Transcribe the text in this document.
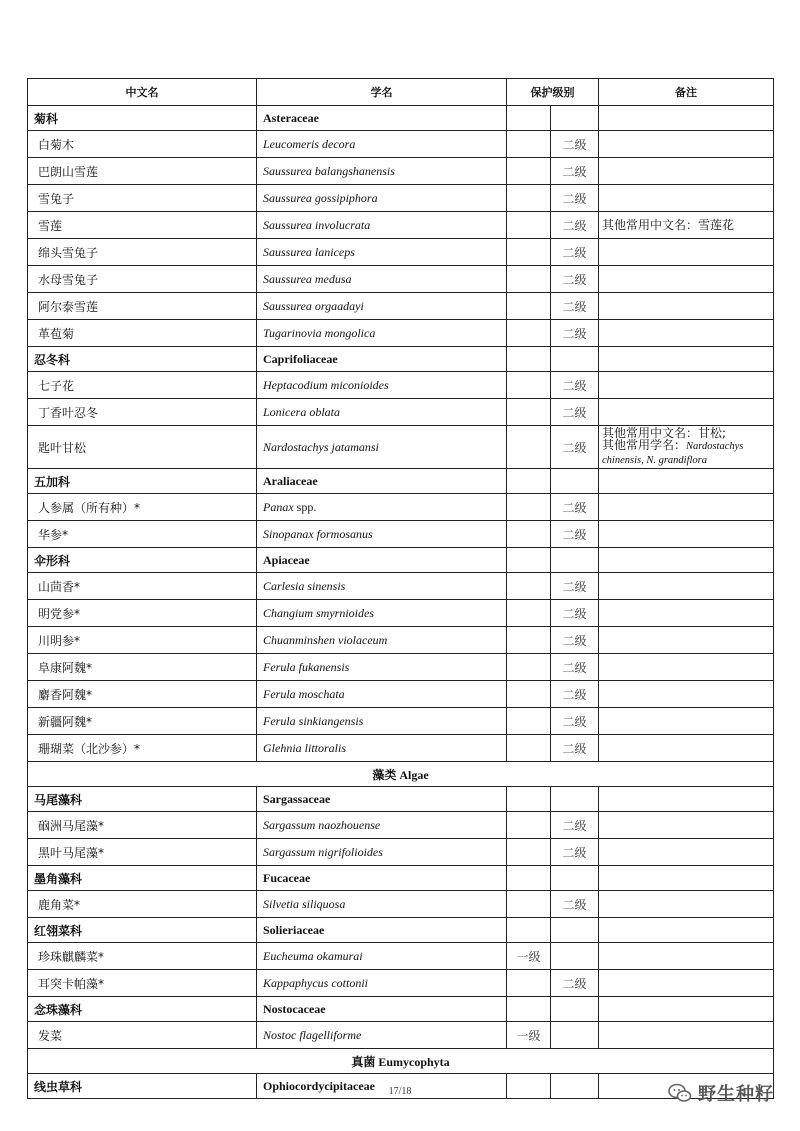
中文名	学名	保护级别		备注
菊科	Asteraceae			
白菊木	Leucomeris decora		二级	
巴朗山雪莲	Saussurea balangshanensis		二级	
雪兔子	Saussurea gossipiphora		二级	
雪莲	Saussurea involucrata		二级	其他常用中文名：雪莲花
绵头雪兔子	Saussurea laniceps		二级	
水母雪兔子	Saussurea medusa		二级	
阿尔泰雪莲	Saussurea orgaadayi		二级	
革苞菊	Tugarinovia mongolica		二级	
忍冬科	Caprifoliaceae			
七子花	Heptacodium miconioides		二级	
丁香叶忍冬	Lonicera oblata		二级	
匙叶甘松	Nardostachys jatamansi		二级	其他常用中文名：甘松;
其他常用学名：Nardostachys
chinensis, N. grandiflora

五加科	Araliaceae			
人参属（所有种）*	Panax spp.		二级	
华参*	Sinopanax formosanus		二级	
伞形科	Apiaceae			
山茴香*	Carlesia sinensis		二级	
明党参*	Changium smyrnioides		二级	
川明参*	Chuanminshen violaceum		二级	
阜康阿魏*	Ferula fukanensis		二级	
麝香阿魏*	Ferula moschata		二级	
新疆阿魏*	Ferula sinkiangensis		二级	
珊瑚菜（北沙参）*	Glehnia littoralis		二级	
藻类 Algae				
马尾藻科	Sargassaceae			
硇洲马尾藻*	Sargassum naozhouense		二级	
黑叶马尾藻*	Sargassum nigrifolioides		二级	
墨角藻科	Fucaceae			
鹿角菜*	Silvetia siliquosa		二级	
红翎菜科	Solieriaceae			
珍珠麒麟菜*	Eucheuma okamurai	一级		
耳突卡帕藻*	Kappaphycus cottonii		二级	
念珠藻科	Nostocaceae			
发菜	Nostoc flagelliforme	一级		
真菌 Eumycophyta				
线虫草科	Ophiocordycipitaceae				17/18	野生种籽
